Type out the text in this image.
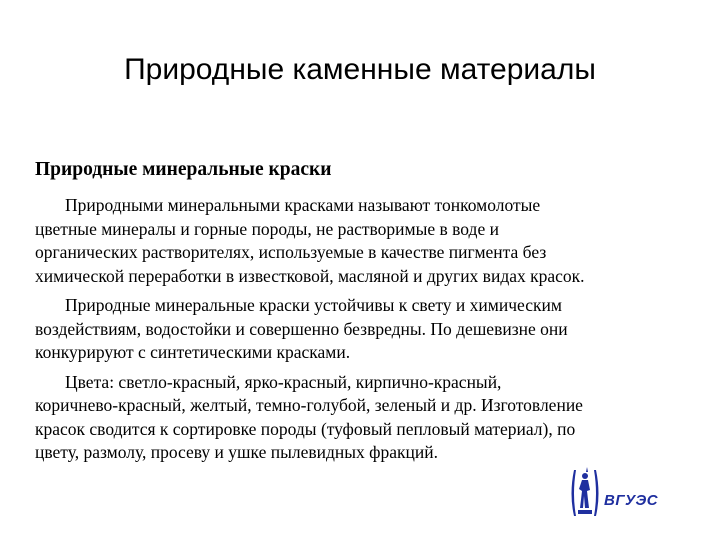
Природные каменные материалы
Природные минеральные краски
Природными минеральными красками называют тонкомолотые
цветные минералы и горные породы, не растворимые в воде и
органических растворителях, используемые в качестве пигмента без
химической переработки в известковой, масляной и других видах красок.
Природные минеральные краски устойчивы к свету и химическим
воздействиям, водостойки и совершенно безвредны. По дешевизне они
конкурируют с синтетическими красками.
Цвета: светло-красный, ярко-красный, кирпично-красный,
коричнево-красный, желтый, темно-голубой, зеленый и др. Изготовление
красок сводится к сортировке породы (туфовый пепловый материал), по
цвету, размолу, просеву и ушке пылевидных фракций.
ВГУЭС
